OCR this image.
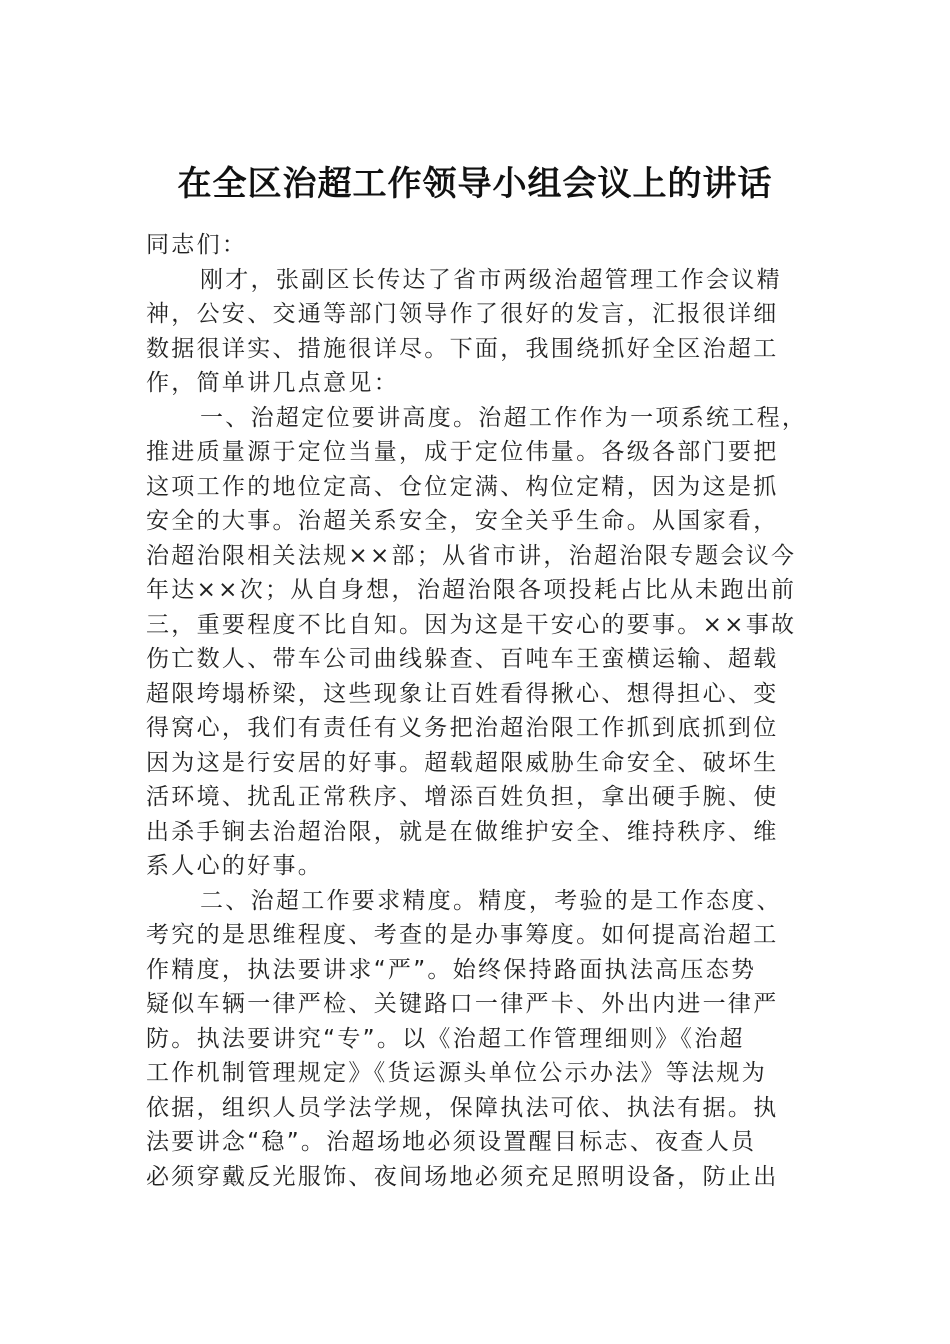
在全区治超工作领导小组会议上的讲话
同志们：
刚才，张副区长传达了省市两级治超管理工作会议精
神，公安、交通等部门领导作了很好的发言，汇报很详细
数据很详实、措施很详尽。下面，我围绕抓好全区治超工
作，简单讲几点意见：
一、治超定位要讲高度。治超工作作为一项系统工程，
推进质量源于定位当量，成于定位伟量。各级各部门要把
这项工作的地位定高、仓位定满、构位定精，因为这是抓
安全的大事。治超关系安全，安全关乎生命。从国家看，
治超治限相关法规××部；从省市讲，治超治限专题会议今
年达××次；从自身想，治超治限各项投耗占比从未跑出前
三，重要程度不比自知。因为这是干安心的要事。××事故
伤亡数人、带车公司曲线躲查、百吨车王蛮横运输、超载
超限垮塌桥梁，这些现象让百姓看得揪心、想得担心、变
得窝心，我们有责任有义务把治超治限工作抓到底抓到位
因为这是行安居的好事。超载超限威胁生命安全、破坏生
活环境、扰乱正常秩序、增添百姓负担，拿出硬手腕、使
出杀手锏去治超治限，就是在做维护安全、维持秩序、维
系人心的好事。
二、治超工作要求精度。精度，考验的是工作态度、
考究的是思维程度、考查的是办事筹度。如何提高治超工
作精度，执法要讲求“严”。始终保持路面执法高压态势
疑似车辆一律严检、关键路口一律严卡、外出内进一律严
防。执法要讲究“专”。以《治超工作管理细则》《治超
工作机制管理规定》《货运源头单位公示办法》等法规为
依据，组织人员学法学规，保障执法可依、执法有据。执
法要讲念“稳”。治超场地必须设置醒目标志、夜查人员
必须穿戴反光服饰、夜间场地必须充足照明设备，防止出
